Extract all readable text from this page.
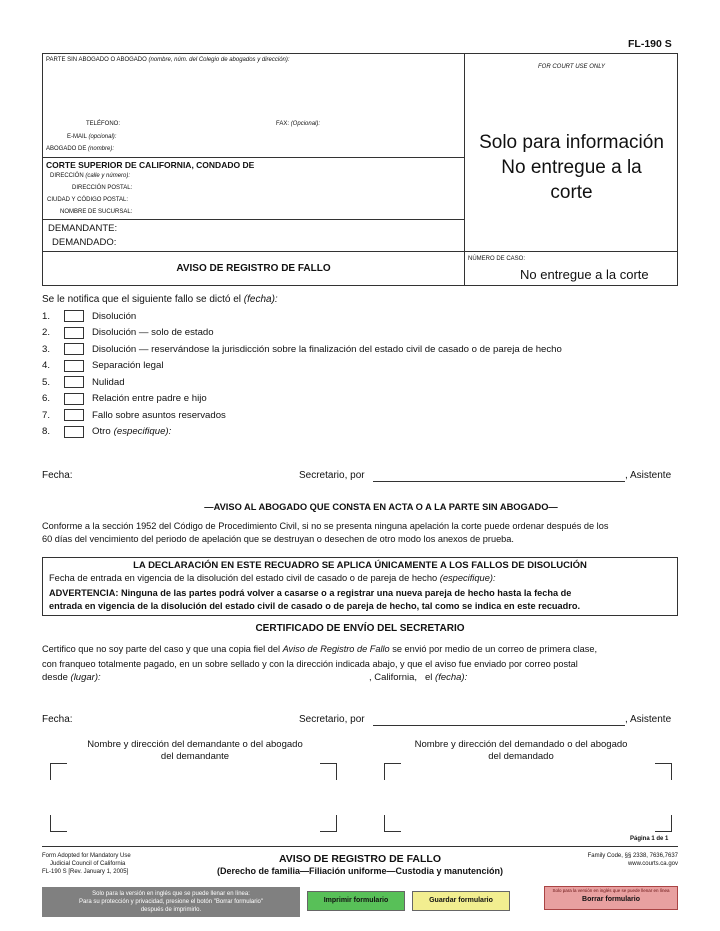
FL-190 S
PARTE SIN ABOGADO O ABOGADO (nombre, núm. del Colegio de abogados y dirección):
TELÉFONO:	FAX: (Opcional):
E-MAIL (opcional):
ABOGADO DE (nombre):
CORTE SUPERIOR DE CALIFORNIA, CONDADO DE
DIRECCIÓN (calle y número):
DIRECCIÓN POSTAL:
CIUDAD Y CÓDIGO POSTAL:
NOMBRE DE SUCURSAL:
DEMANDANTE:
DEMANDADO:
AVISO DE REGISTRO DE FALLO
FOR COURT USE ONLY
Solo para información
No entregue a la
corte
NÚMERO DE CASO:
No entregue a la corte
Se le notifica que el siguiente fallo se dictó el (fecha):
1.	Disolución
2.	Disolución — solo de estado
3.	Disolución — reservándose la jurisdicción sobre la finalización del estado civil de casado o de pareja de hecho
4.	Separación legal
5.	Nulidad
6.	Relación entre padre e hijo
7.	Fallo sobre asuntos reservados
8.	Otro (especifique):
Fecha:	Secretario, por	, Asistente
—AVISO AL ABOGADO QUE CONSTA EN ACTA O A LA PARTE SIN ABOGADO—
Conforme a la sección 1952 del Código de Procedimiento Civil, si no se presenta ninguna apelación la corte puede ordenar después de los
60 días del vencimiento del periodo de apelación que se destruyan o desechen de otro modo los anexos de prueba.
LA DECLARACIÓN EN ESTE RECUADRO SE APLICA ÚNICAMENTE A LOS FALLOS DE DISOLUCIÓN
Fecha de entrada en vigencia de la disolución del estado civil de casado o de pareja de hecho (especifique):
ADVERTENCIA: Ninguna de las partes podrá volver a casarse o a registrar una nueva pareja de hecho hasta la fecha de
entrada en vigencia de la disolución del estado civil de casado o de pareja de hecho, tal como se indica en este recuadro.
CERTIFICADO DE ENVÍO DEL SECRETARIO
Certifico que no soy parte del caso y que una copia fiel del Aviso de Registro de Fallo se envió por medio de un correo de primera clase,
con franqueo totalmente pagado, en un sobre sellado y con la dirección indicada abajo, y que el aviso fue enviado por correo postal
desde (lugar):	, California, el (fecha):
Fecha:	Secretario, por	, Asistente
Nombre y dirección del demandante o del abogado
del demandante
Nombre y dirección del demandado o del abogado
del demandado
Página 1 de 1
Form Adopted for Mandatory Use
Judicial Council of California
FL-190 S [Rev. January 1, 2005]
AVISO DE REGISTRO DE FALLO
(Derecho de familia—Filiación uniforme—Custodia y manutención)
Family Code, §§ 2338, 7636,7637
www.courts.ca.gov
Solo para la versión en inglés que se puede llenar en línea:
Para su protección y privacidad, presione el botón "Borrar formulario"
después de imprimirlo.
Imprimir formulario	Guardar formulario
Solo para la versión en inglés que se puede llenar en línea
Borrar formulario
